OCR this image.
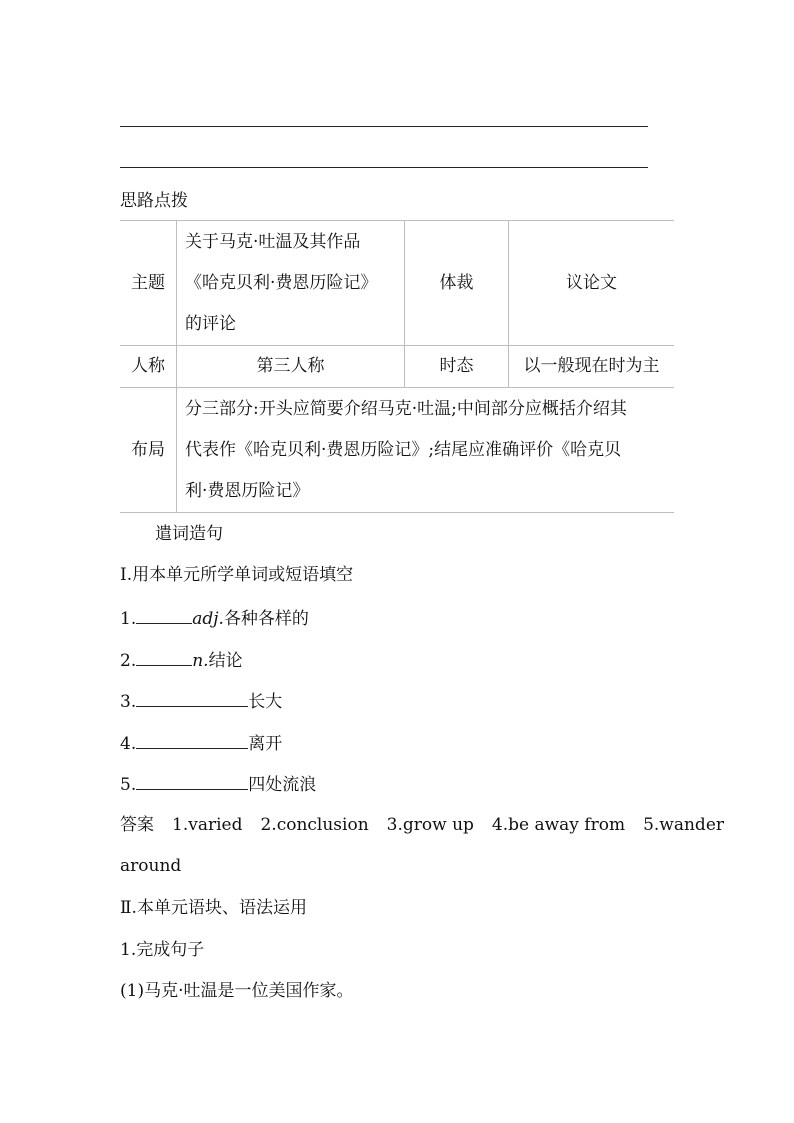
思路点拨
主题	关于马克·吐温及其作品
《哈克贝利·费恩历险记》
的评论	体裁	议论文
人称	第三人称	时态	以一般现在时为主
布局	分三部分:开头应简要介绍马克·吐温;中间部分应概括介绍其
代表作《哈克贝利·费恩历险记》;结尾应准确评价《哈克贝
利·费恩历险记》		
遣词造句
Ⅰ.用本单元所学单词或短语填空
1.	adj.各种各样的
2.	n.结论
3.	长大
4.	离开
5.	四处流浪
答案 1.varied 2.conclusion 3.grow up 4.be away from 5.wander
around
Ⅱ.本单元语块、语法运用
1.完成句子
(1)马克·吐温是一位美国作家。
